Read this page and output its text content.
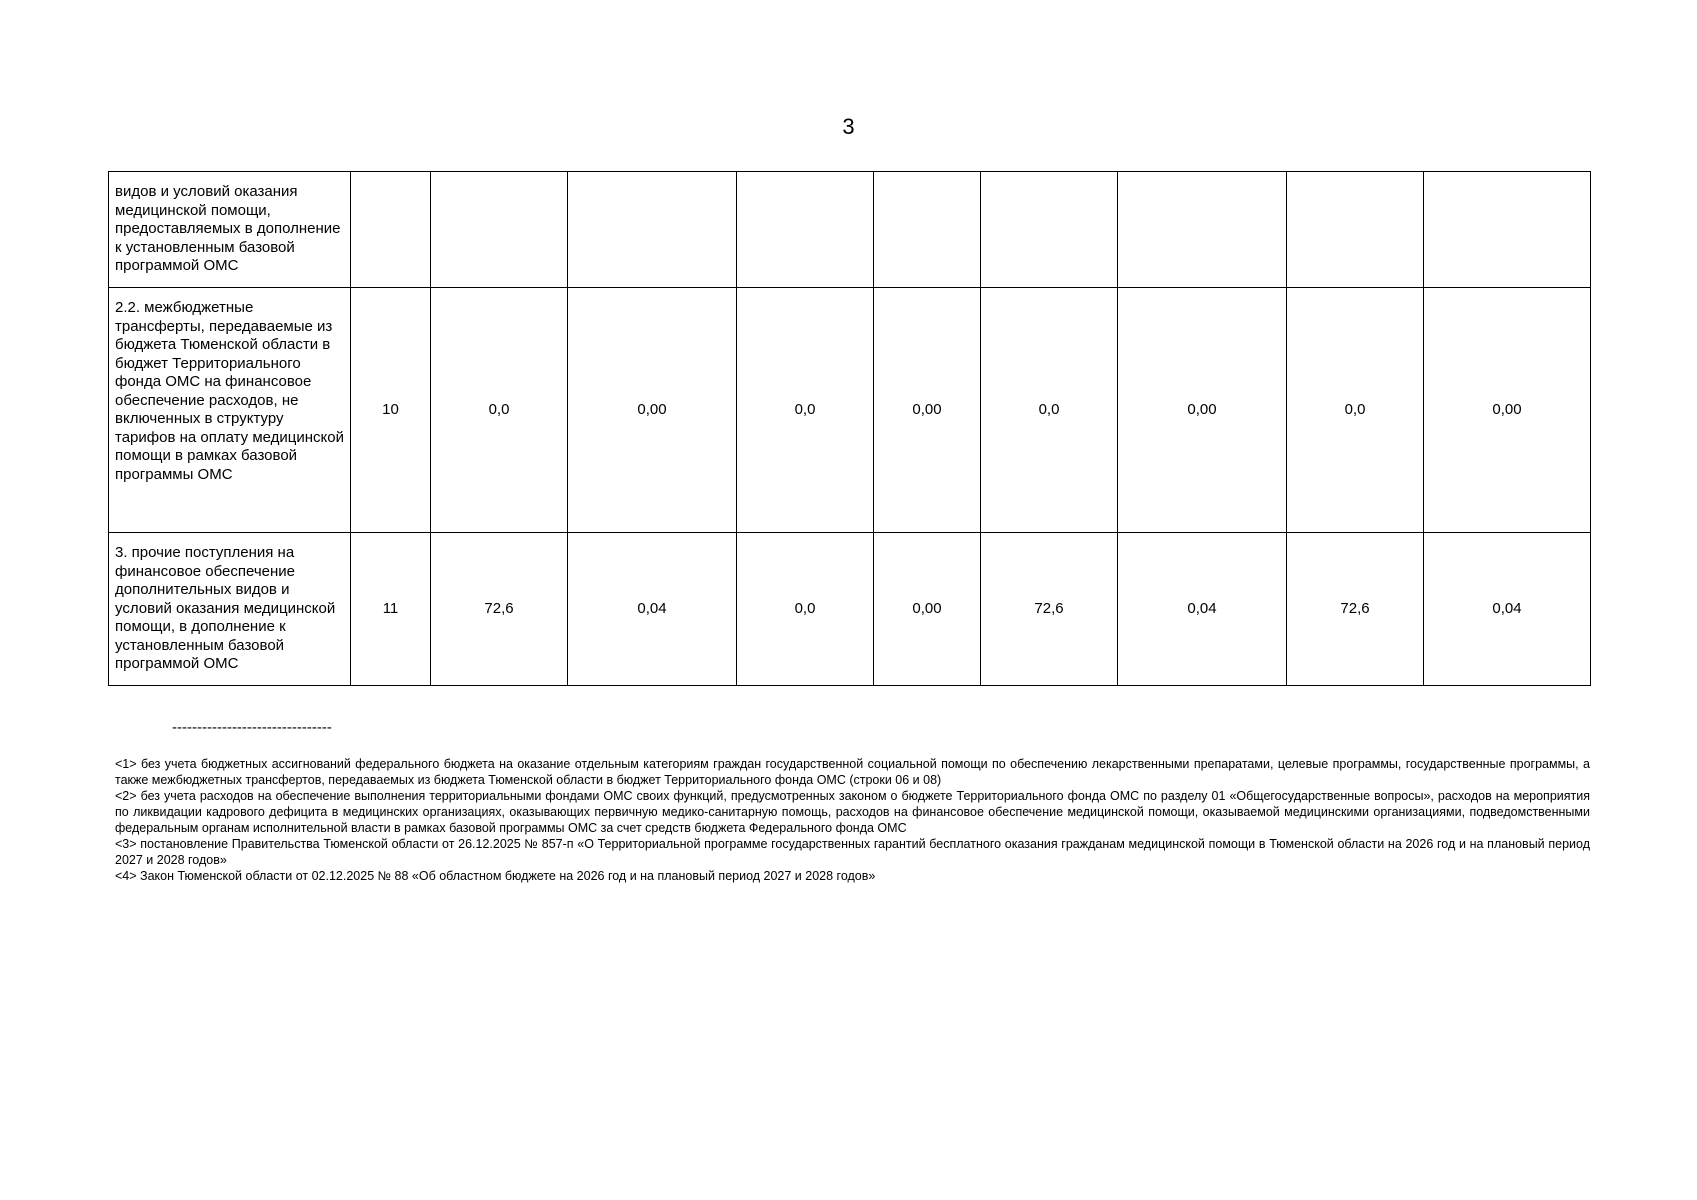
3
видов и условий оказания медицинской помощи, предоставляемых в дополнение к установленным базовой программой ОМС									
2.2. межбюджетные трансферты, передаваемые из бюджета Тюменской области в бюджет Территориального фонда ОМС на финансовое обеспечение расходов, не включенных в структуру тарифов на оплату медицинской помощи в рамках базовой программы ОМС	10	0,0	0,00	0,0	0,00	0,0	0,00	0,0	0,00
3. прочие поступления на финансовое обеспечение дополнительных видов и условий оказания медицинской помощи, в дополнение к установленным базовой программой ОМС	11	72,6	0,04	0,0	0,00	72,6	0,04	72,6	0,04
--------------------------------

<1> без учета бюджетных ассигнований федерального бюджета на оказание отдельным категориям граждан государственной социальной помощи по обеспечению лекарственными препаратами, целевые программы, государственные программы, а также межбюджетных трансфертов, передаваемых из бюджета Тюменской области в бюджет Территориального фонда ОМС (строки 06 и 08)

<2> без учета расходов на обеспечение выполнения территориальными фондами ОМС своих функций, предусмотренных законом о бюджете Территориального фонда ОМС по разделу 01 «Общегосударственные вопросы», расходов на мероприятия по ликвидации кадрового дефицита в медицинских организациях, оказывающих первичную медико-санитарную помощь, расходов на финансовое обеспечение медицинской помощи, оказываемой медицинскими организациями, подведомственными федеральным органам исполнительной власти в рамках базовой программы ОМС за счет средств бюджета Федерального фонда ОМС

<3> постановление Правительства Тюменской области от 26.12.2025 № 857-п «О Территориальной программе государственных гарантий бесплатного оказания гражданам медицинской помощи в Тюменской области на 2026 год и на плановый период 2027 и 2028 годов»

<4> Закон Тюменской области от 02.12.2025 № 88 «Об областном бюджете на 2026 год и на плановый период 2027 и 2028 годов»
